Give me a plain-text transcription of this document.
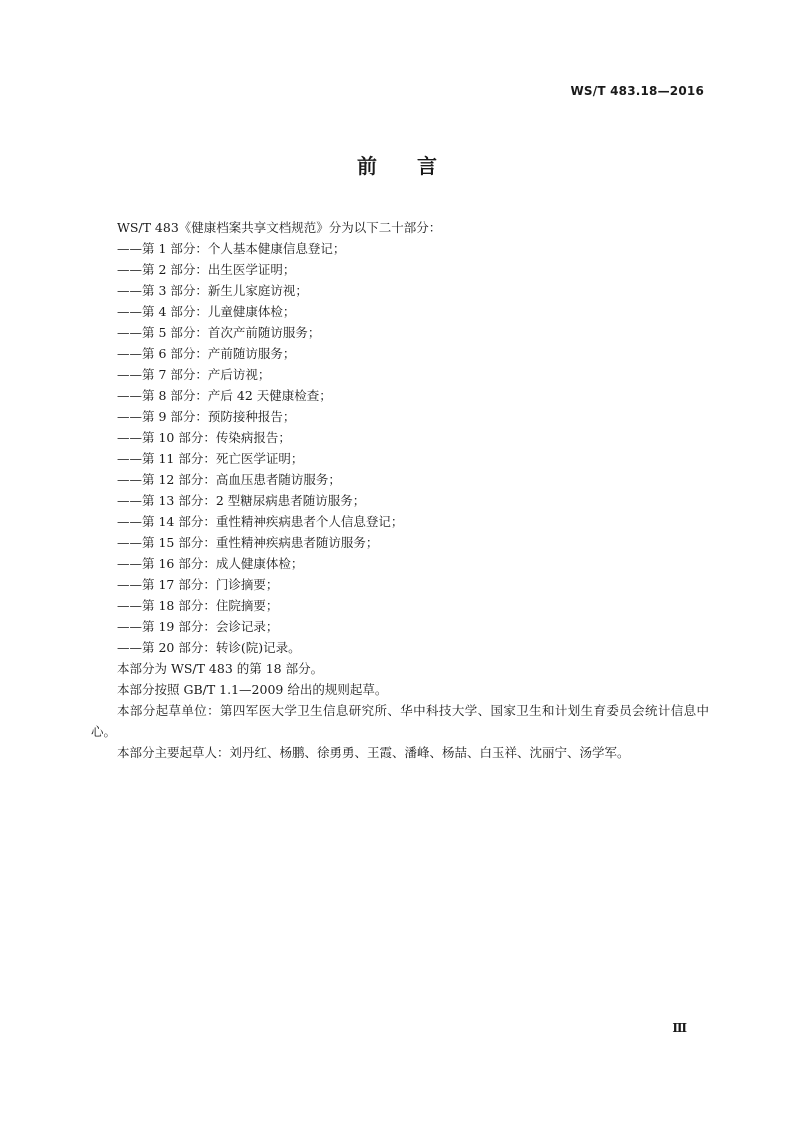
WS/T 483.18—2016
前 言
WS/T 483《健康档案共享文档规范》分为以下二十部分：
——第 1 部分：个人基本健康信息登记；
——第 2 部分：出生医学证明；
——第 3 部分：新生儿家庭访视；
——第 4 部分：儿童健康体检；
——第 5 部分：首次产前随访服务；
——第 6 部分：产前随访服务；
——第 7 部分：产后访视；
——第 8 部分：产后 42 天健康检查；
——第 9 部分：预防接种报告；
——第 10 部分：传染病报告；
——第 11 部分：死亡医学证明；
——第 12 部分：高血压患者随访服务；
——第 13 部分：2 型糖尿病患者随访服务；
——第 14 部分：重性精神疾病患者个人信息登记；
——第 15 部分：重性精神疾病患者随访服务；
——第 16 部分：成人健康体检；
——第 17 部分：门诊摘要；
——第 18 部分：住院摘要；
——第 19 部分：会诊记录；
——第 20 部分：转诊(院)记录。
本部分为 WS/T 483 的第 18 部分。
本部分按照 GB/T 1.1—2009 给出的规则起草。
本部分起草单位：第四军医大学卫生信息研究所、华中科技大学、国家卫生和计划生育委员会统计信息中心。
本部分主要起草人：刘丹红、杨鹏、徐勇勇、王霞、潘峰、杨喆、白玉祥、沈丽宁、汤学军。
Ⅲ
